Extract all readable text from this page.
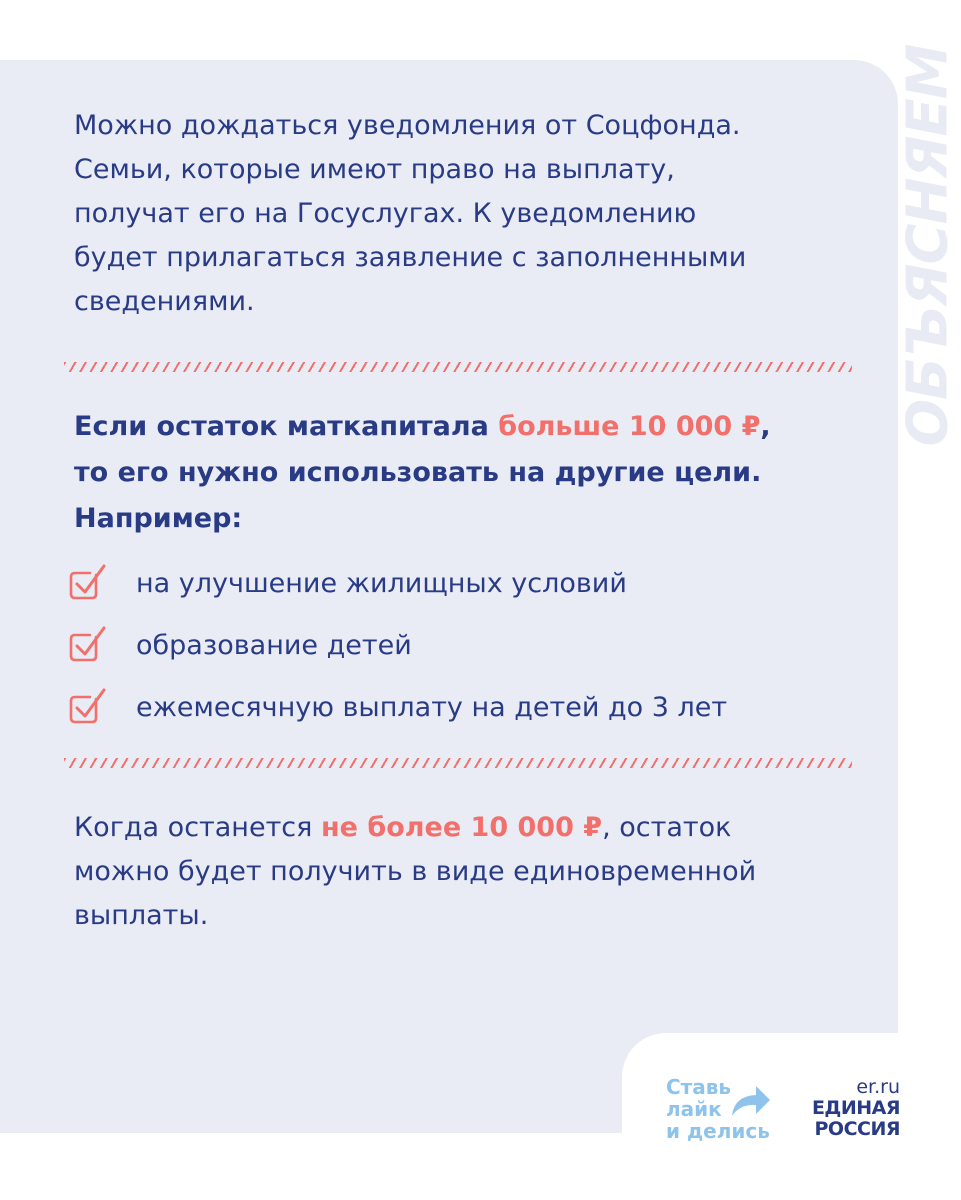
ОБЪЯСНЯЕМ
Можно дождаться уведомления от Соцфонда.
Семьи, которые имеют право на выплату,
получат его на Госуслугах. К уведомлению
будет прилагаться заявление с заполненными
сведениями.
Если остаток маткапитала больше 10 000 ₽,
то его нужно использовать на другие цели.
Например:
на улучшение жилищных условий
образование детей
ежемесячную выплату на детей до 3 лет
Когда останется не более 10 000 ₽, остаток
можно будет получить в виде единовременной
выплаты.
Ставь
лайк
и делись
er.ru
ЕДИНАЯ
РОССИЯ
